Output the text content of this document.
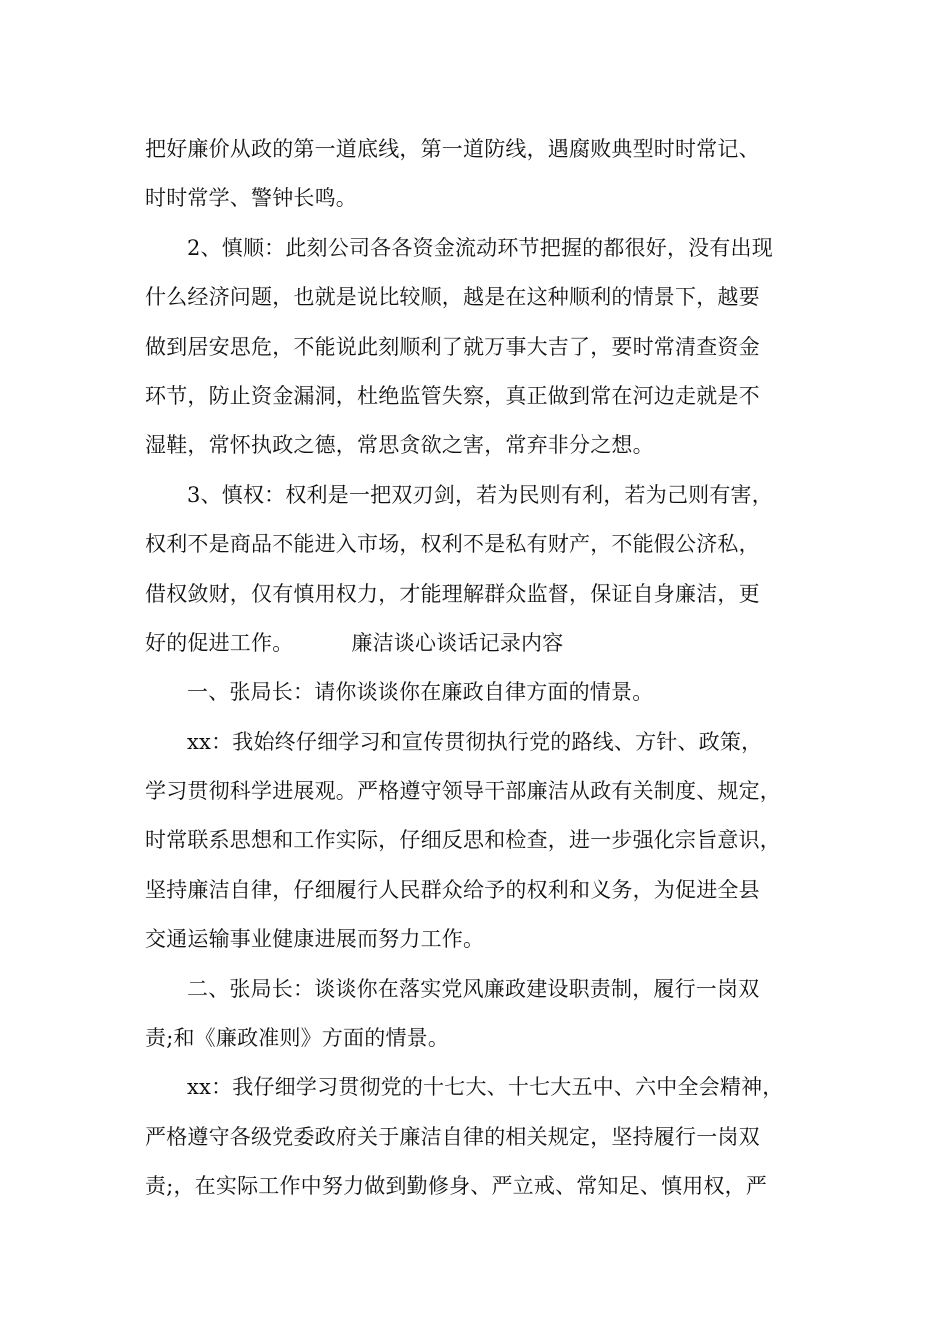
把好廉价从政的第一道底线，第一道防线，遇腐败典型时时常记、
时时常学、警钟长鸣。
2、慎顺：此刻公司各各资金流动环节把握的都很好，没有出现
什么经济问题，也就是说比较顺，越是在这种顺利的情景下，越要
做到居安思危，不能说此刻顺利了就万事大吉了，要时常清查资金
环节，防止资金漏洞，杜绝监管失察，真正做到常在河边走就是不
湿鞋，常怀执政之德，常思贪欲之害，常弃非分之想。
3、慎权：权利是一把双刃剑，若为民则有利，若为己则有害，
权利不是商品不能进入市场，权利不是私有财产，不能假公济私，
借权敛财，仅有慎用权力，才能理解群众监督，保证自身廉洁，更
好的促进工作。	廉洁谈心谈话记录内容
一、张局长：请你谈谈你在廉政自律方面的情景。
xx：我始终仔细学习和宣传贯彻执行党的路线、方针、政策，
学习贯彻科学进展观。严格遵守领导干部廉洁从政有关制度、规定，
时常联系思想和工作实际，仔细反思和检查，进一步强化宗旨意识，
坚持廉洁自律，仔细履行人民群众给予的权利和义务，为促进全县
交通运输事业健康进展而努力工作。
二、张局长：谈谈你在落实党风廉政建设职责制，履行一岗双
责;和《廉政准则》方面的情景。
xx：我仔细学习贯彻党的十七大、十七大五中、六中全会精神，
严格遵守各级党委政府关于廉洁自律的相关规定，坚持履行一岗双
责;，在实际工作中努力做到勤修身、严立戒、常知足、慎用权，严
